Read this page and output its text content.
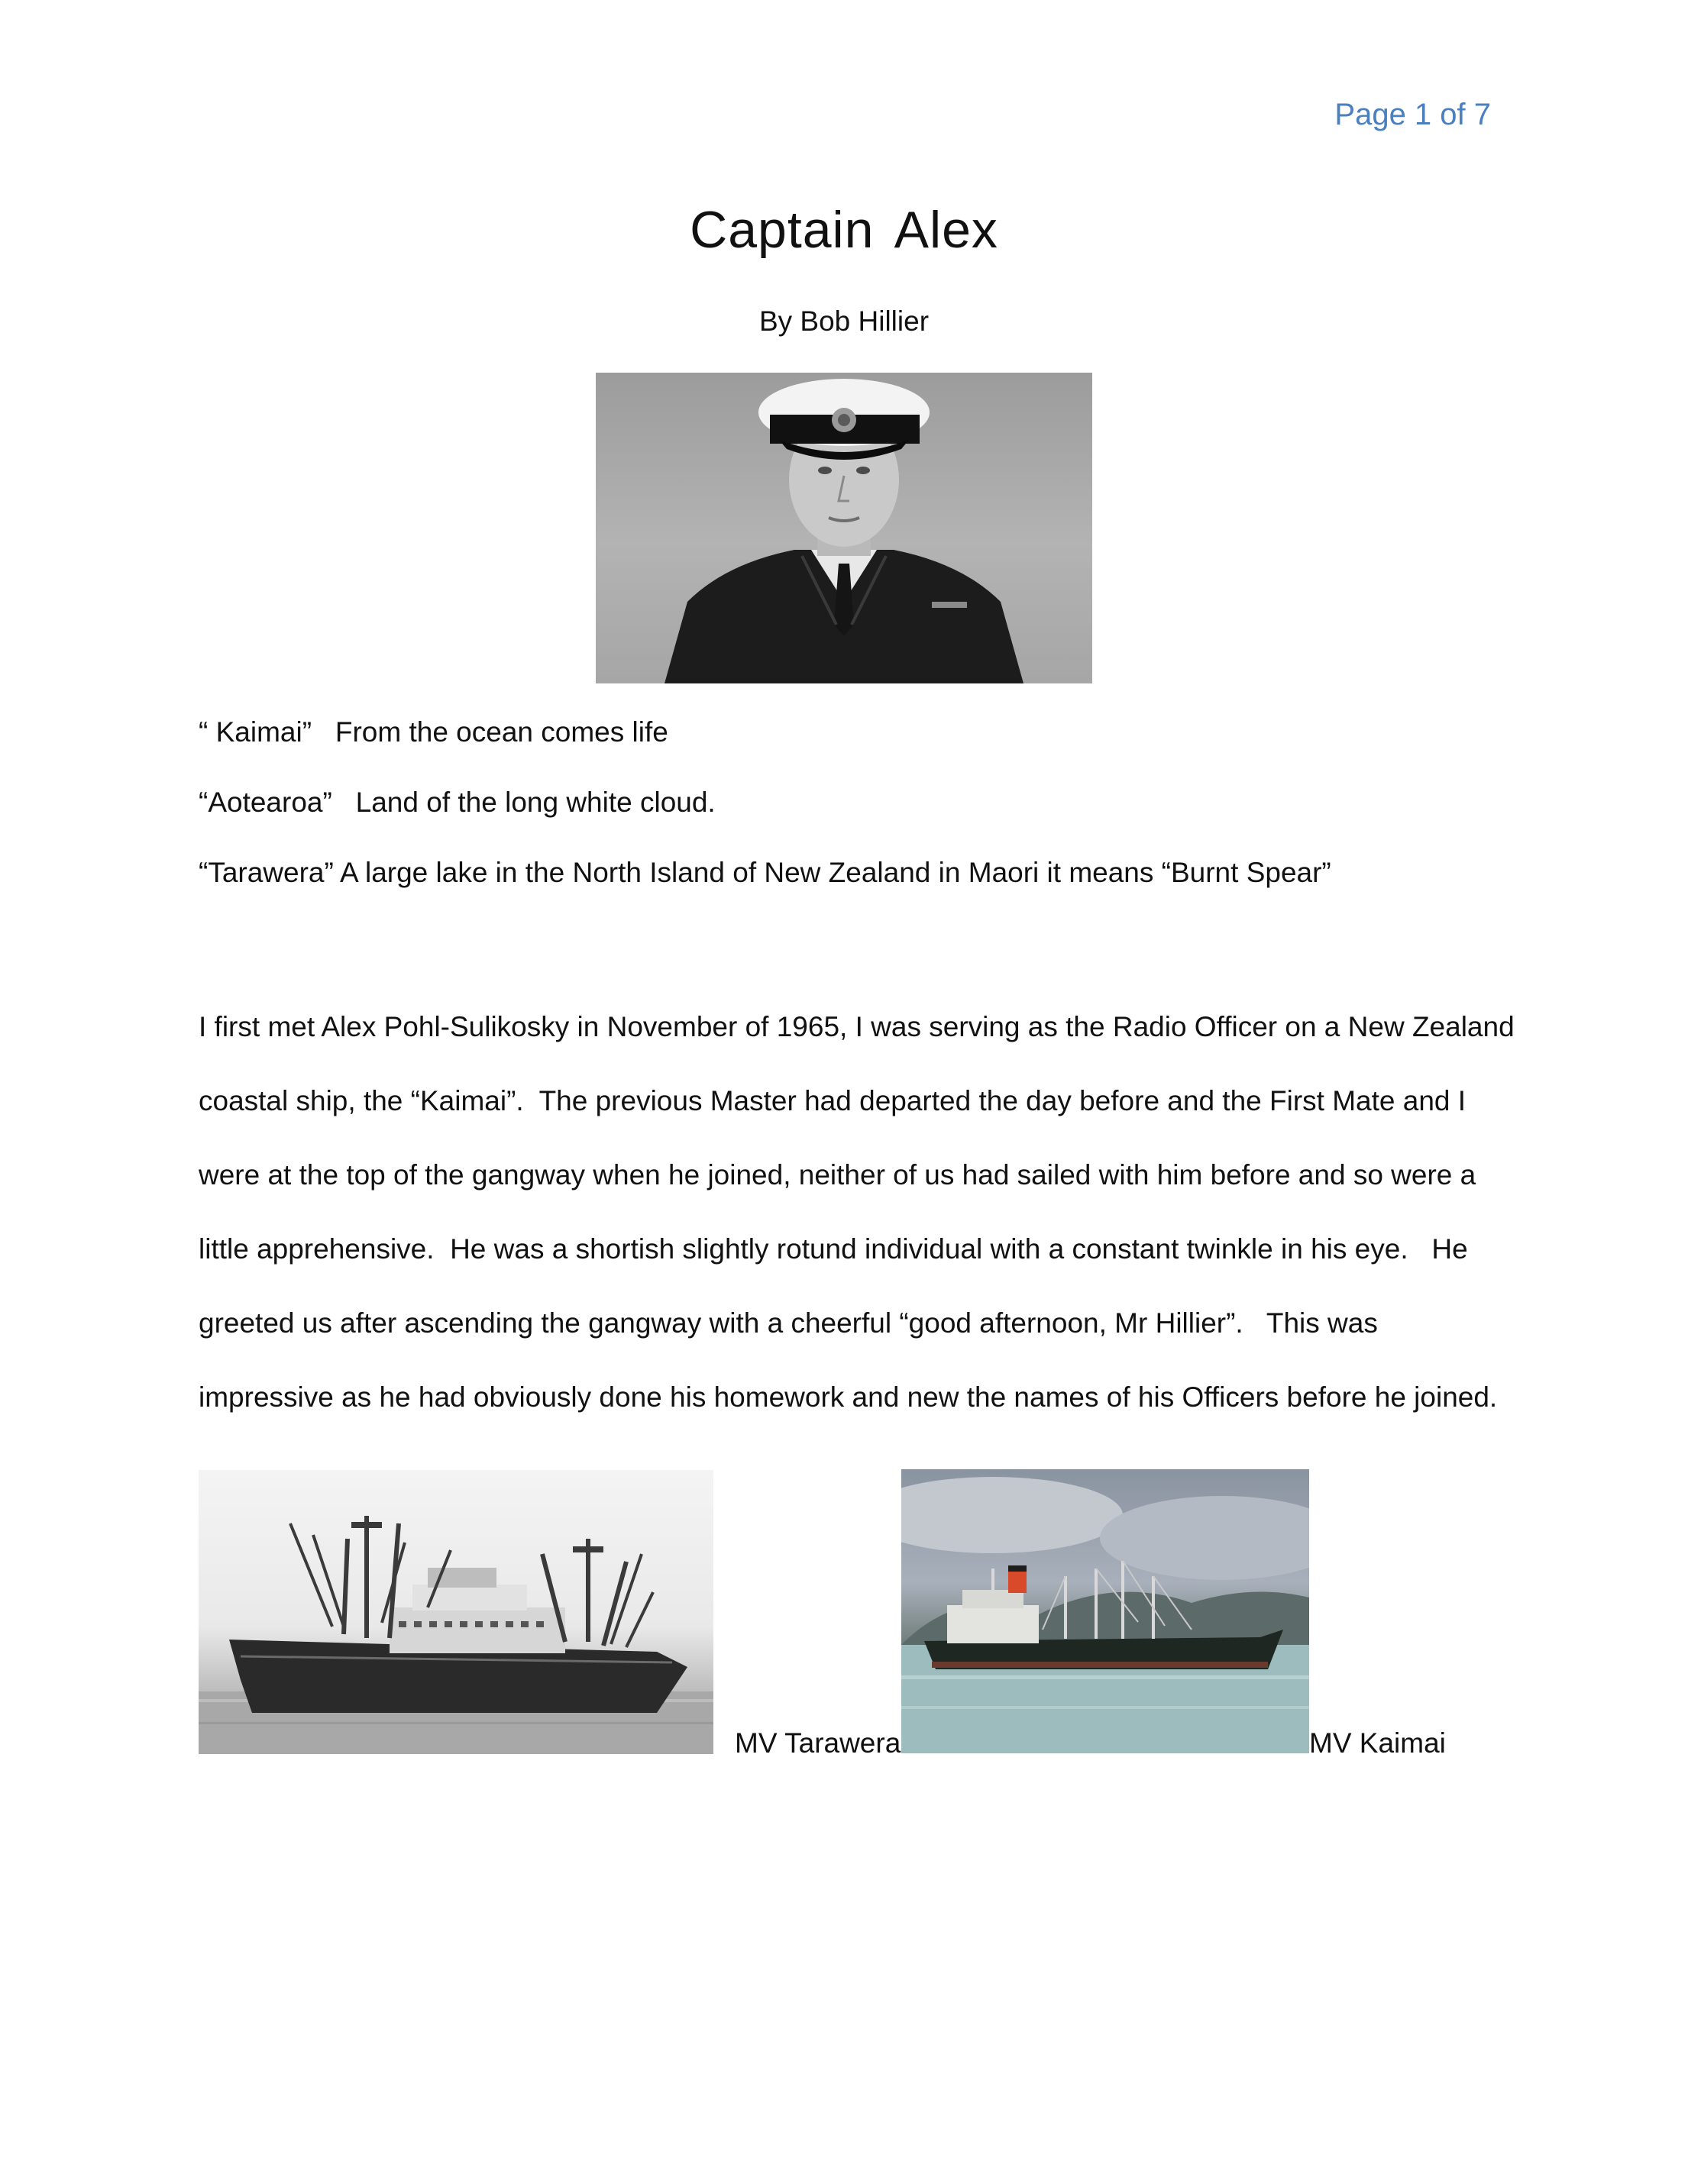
Page 1 of 7
Captain Alex
By Bob Hillier
“ Kaimai”   From the ocean comes life
“Aotearoa”   Land of the long white cloud.
“Tarawera” A large lake in the North Island of New Zealand in Maori it means “Burnt Spear”
I first met Alex Pohl-Sulikosky in November of 1965, I was serving as the Radio Officer on a New Zealand
coastal ship, the “Kaimai”.  The previous Master had departed the day before and the First Mate and I
were at the top of the gangway when he joined, neither of us had sailed with him before and so were a
little apprehensive.  He was a shortish slightly rotund individual with a constant twinkle in his eye.   He
greeted us after ascending the gangway with a cheerful “good afternoon, Mr Hillier”.   This was
impressive as he had obviously done his homework and new the names of his Officers before he joined.
MV Tarawera	MV Kaimai
